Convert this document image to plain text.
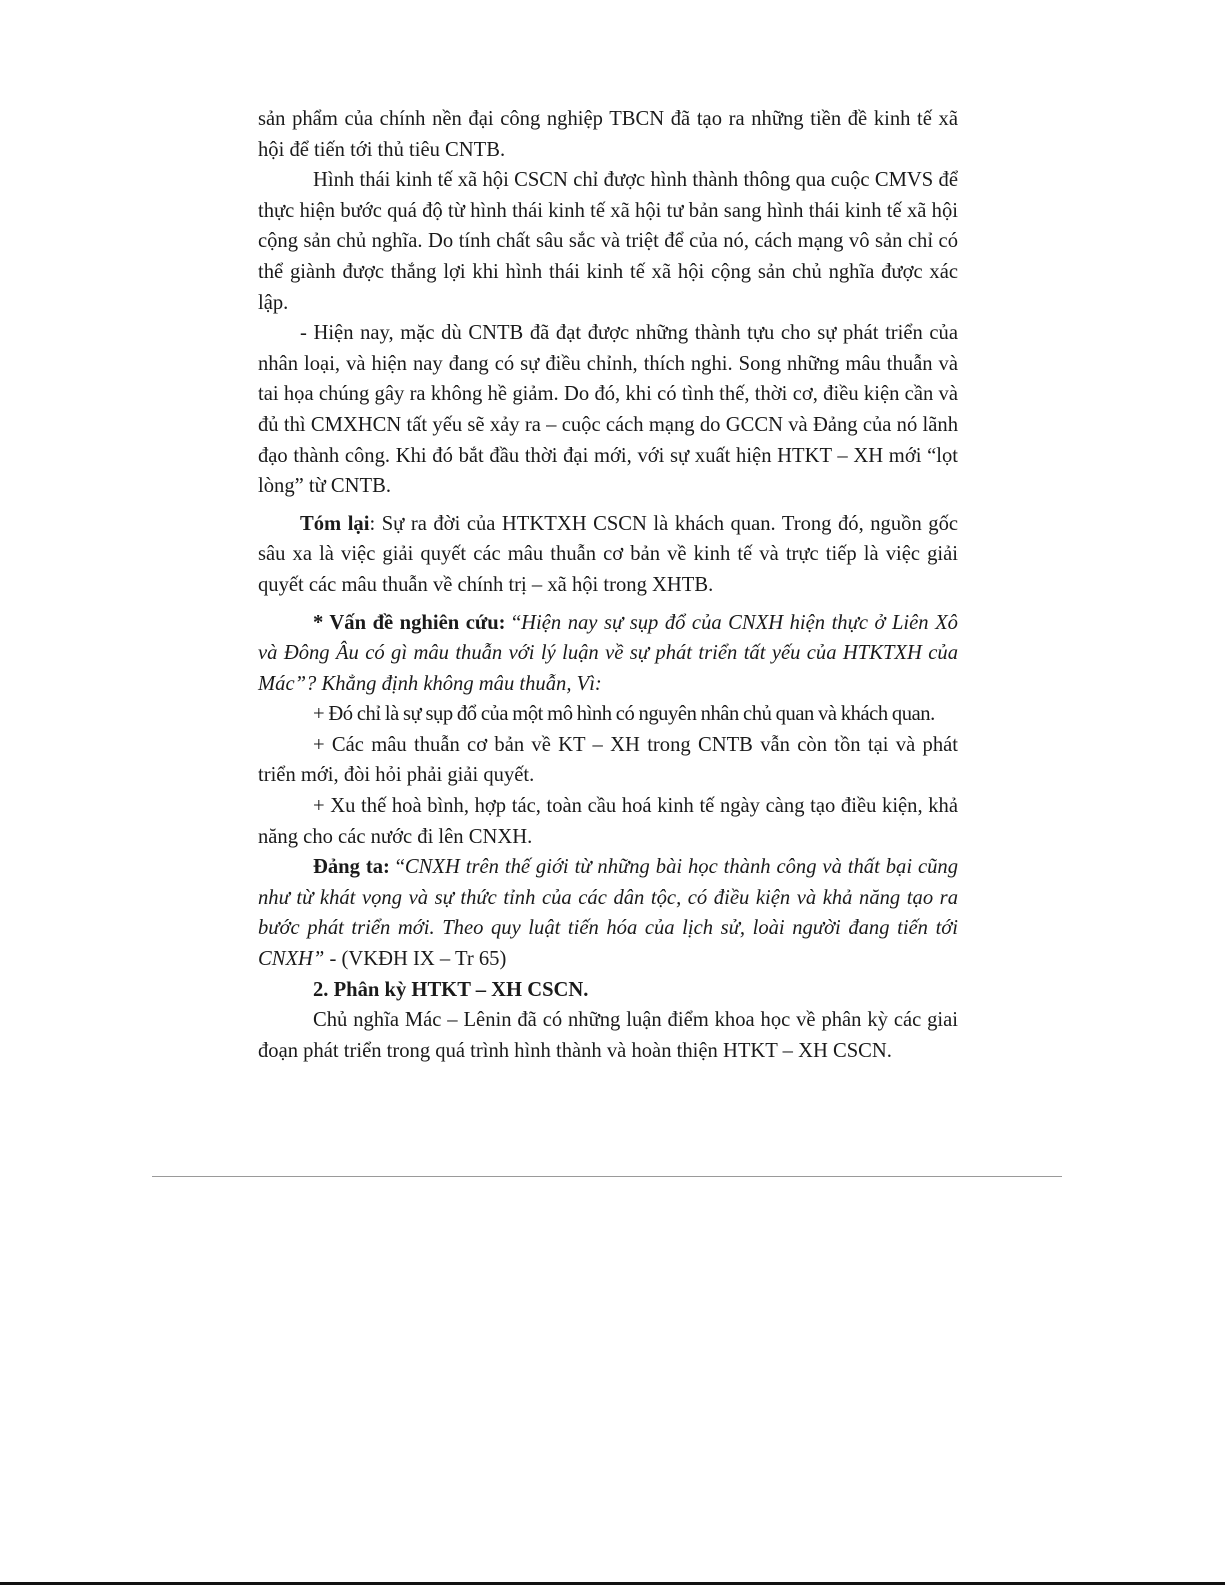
sản phẩm của chính nền đại công nghiệp TBCN đã tạo ra những tiền đề kinh tế xã hội để tiến tới thủ tiêu CNTB.

Hình thái kinh tế xã hội CSCN chỉ được hình thành thông qua cuộc CMVS để thực hiện bước quá độ từ hình thái kinh tế xã hội tư bản sang hình thái kinh tế xã hội cộng sản chủ nghĩa. Do tính chất sâu sắc và triệt để của nó, cách mạng vô sản chỉ có thể giành được thắng lợi khi hình thái kinh tế xã hội cộng sản chủ nghĩa được xác lập.

- Hiện nay, mặc dù CNTB đã đạt được những thành tựu cho sự phát triển của nhân loại, và hiện nay đang có sự điều chỉnh, thích nghi. Song những mâu thuẫn và tai họa chúng gây ra không hề giảm. Do đó, khi có tình thế, thời cơ, điều kiện cần và đủ thì CMXHCN tất yếu sẽ xảy ra – cuộc cách mạng do GCCN và Đảng của nó lãnh đạo thành công. Khi đó bắt đầu thời đại mới, với sự xuất hiện HTKT – XH mới “lọt lòng” từ CNTB.

Tóm lại: Sự ra đời của HTKTXH CSCN là khách quan. Trong đó, nguồn gốc sâu xa là việc giải quyết các mâu thuẫn cơ bản về kinh tế và trực tiếp là việc giải quyết các mâu thuẫn về chính trị – xã hội trong XHTB.

* Vấn đề nghiên cứu: “Hiện nay sự sụp đổ của CNXH hiện thực ở Liên Xô và Đông Âu có gì mâu thuẫn với lý luận về sự phát triển tất yếu của HTKTXH của Mác”? Khẳng định không mâu thuẫn, Vì:

+ Đó chỉ là sự sụp đổ của một mô hình có nguyên nhân chủ quan và khách quan.

+ Các mâu thuẫn cơ bản về KT – XH trong CNTB vẫn còn tồn tại và phát triển mới, đòi hỏi phải giải quyết.

+ Xu thế hoà bình, hợp tác, toàn cầu hoá kinh tế ngày càng tạo điều kiện, khả năng cho các nước đi lên CNXH.

Đảng ta: “CNXH trên thế giới từ những bài học thành công và thất bại cũng như từ khát vọng và sự thức tỉnh của các dân tộc, có điều kiện và khả năng tạo ra bước phát triển mới. Theo quy luật tiến hóa của lịch sử, loài người đang tiến tới CNXH” - (VKĐH IX – Tr 65)

2. Phân kỳ HTKT – XH CSCN.

Chủ nghĩa Mác – Lênin đã có những luận điểm khoa học về phân kỳ các giai đoạn phát triển trong quá trình hình thành và hoàn thiện HTKT – XH CSCN.
